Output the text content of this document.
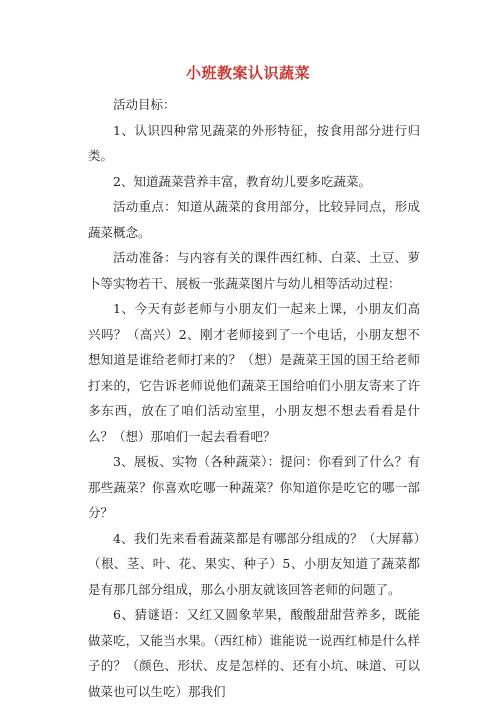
小班教案认识蔬菜

活动目标：

1、认识四种常见蔬菜的外形特征，按食用部分进行归类。

2、知道蔬菜营养丰富，教育幼儿要多吃蔬菜。

活动重点：知道从蔬菜的食用部分，比较异同点，形成蔬菜概念。

活动准备：与内容有关的课件西红柿、白菜、土豆、萝卜等实物若干、展板一张蔬菜图片与幼儿相等活动过程：

1、今天有彭老师与小朋友们一起来上课，小朋友们高兴吗？（高兴）2、刚才老师接到了一个电话，小朋友想不想知道是谁给老师打来的？（想）是蔬菜王国的国王给老师打来的，它告诉老师说他们蔬菜王国给咱们小朋友寄来了许多东西，放在了咱们活动室里，小朋友想不想去看看是什么？（想）那咱们一起去看看吧？

3、展板、实物（各种蔬菜）：提问：你看到了什么？有那些蔬菜？你喜欢吃哪一种蔬菜？你知道你是吃它的哪一部分？

4、我们先来看看蔬菜都是有哪部分组成的？（大屏幕）（根、茎、叶、花、果实、种子）5、小朋友知道了蔬菜都是有那几部分组成，那么小朋友就该回答老师的问题了。

6、猜谜语：又红又圆象苹果，酸酸甜甜营养多，既能做菜吃，又能当水果。（西红柿）谁能说一说西红柿是什么样子的？（颜色、形状、皮是怎样的、还有小坑、味道、可以做菜也可以生吃）那我们
